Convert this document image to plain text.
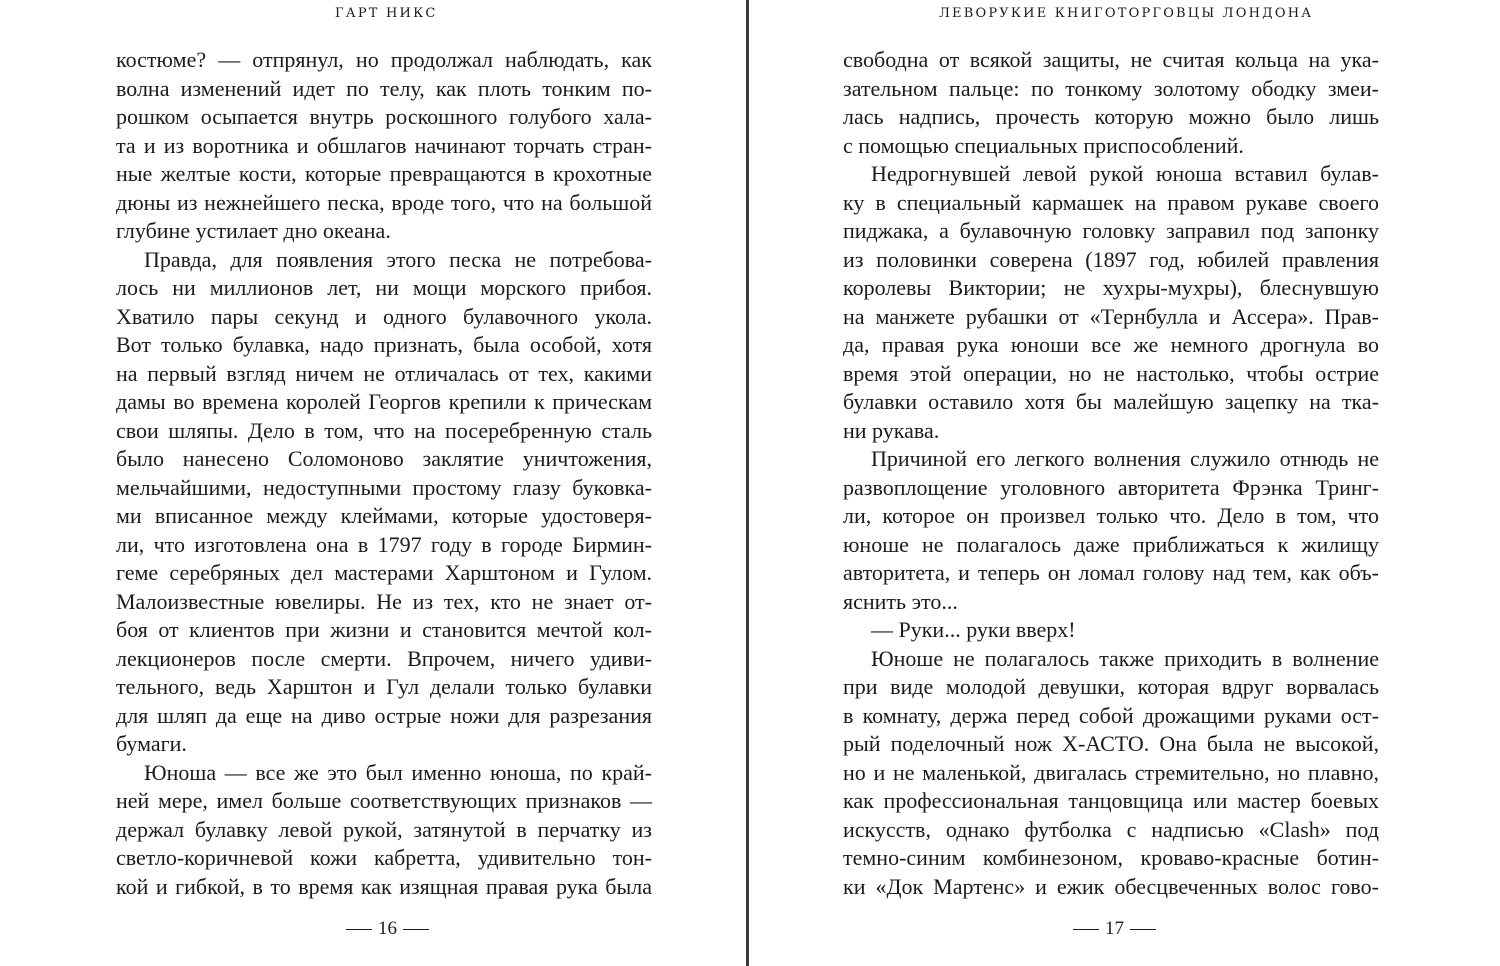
ГАРТ НИКС
костюме? — отпрянул, но продолжал наблюдать, как
волна изменений идет по телу, как плоть тонким по-
рошком осыпается внутрь роскошного голубого хала-
та и из воротника и обшлагов начинают торчать стран-
ные желтые кости, которые превращаются в крохотные
дюны из нежнейшего песка, вроде того, что на большой
глубине устилает дно океана.
Правда, для появления этого песка не потребова-
лось ни миллионов лет, ни мощи морского прибоя.
Хватило пары секунд и одного булавочного укола.
Вот только булавка, надо признать, была особой, хотя
на первый взгляд ничем не отличалась от тех, какими
дамы во времена королей Георгов крепили к прическам
свои шляпы. Дело в том, что на посеребренную сталь
было нанесено Соломоново заклятие уничтожения,
мельчайшими, недоступными простому глазу буковка-
ми вписанное между клеймами, которые удостоверя-
ли, что изготовлена она в 1797 году в городе Бирмин-
геме серебряных дел мастерами Харштоном и Гулом.
Малоизвестные ювелиры. Не из тех, кто не знает от-
боя от клиентов при жизни и становится мечтой кол-
лекционеров после смерти. Впрочем, ничего удиви-
тельного, ведь Харштон и Гул делали только булавки
для шляп да еще на диво острые ножи для разрезания
бумаги.
Юноша — все же это был именно юноша, по край-
ней мере, имел больше соответствующих признаков —
держал булавку левой рукой, затянутой в перчатку из
светло-коричневой кожи кабретта, удивительно тон-
кой и гибкой, в то время как изящная правая рука была
16
ЛЕВОРУКИЕ КНИГОТОРГОВЦЫ ЛОНДОНА
свободна от всякой защиты, не считая кольца на ука-
зательном пальце: по тонкому золотому ободку змеи-
лась надпись, прочесть которую можно было лишь
с помощью специальных приспособлений.
Недрогнувшей левой рукой юноша вставил булав-
ку в специальный кармашек на правом рукаве своего
пиджака, а булавочную головку заправил под запонку
из половинки соверена (1897 год, юбилей правления
королевы Виктории; не хухры-мухры), блеснувшую
на манжете рубашки от «Тернбулла и Ассера». Прав-
да, правая рука юноши все же немного дрогнула во
время этой операции, но не настолько, чтобы острие
булавки оставило хотя бы малейшую зацепку на тка-
ни рукава.
Причиной его легкого волнения служило отнюдь не
развоплощение уголовного авторитета Фрэнка Тринг-
ли, которое он произвел только что. Дело в том, что
юноше не полагалось даже приближаться к жилищу
авторитета, и теперь он ломал голову над тем, как объ-
яснить это...
— Руки... руки вверх!
Юноше не полагалось также приходить в волнение
при виде молодой девушки, которая вдруг ворвалась
в комнату, держа перед собой дрожащими руками ост-
рый поделочный нож Х-АСТО. Она была не высокой,
но и не маленькой, двигалась стремительно, но плавно,
как профессиональная танцовщица или мастер боевых
искусств, однако футболка с надписью «Clash» под
темно-синим комбинезоном, кроваво-красные ботин-
ки «Док Мартенс» и ежик обесцвеченных волос гово-
17
